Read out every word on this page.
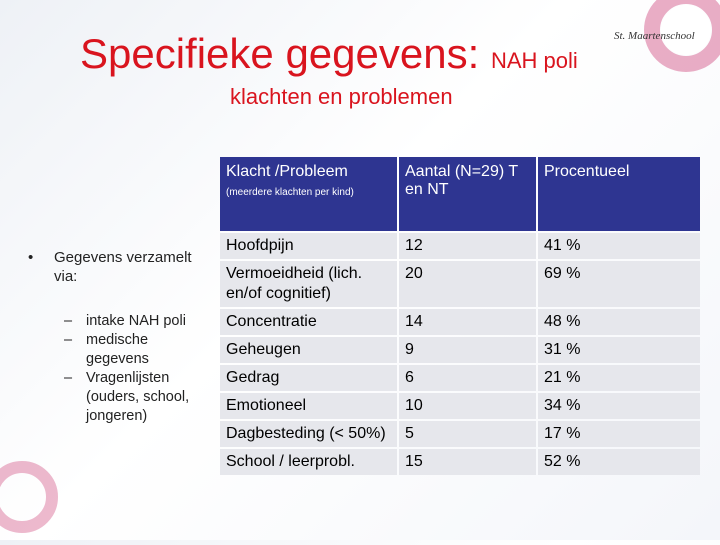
Specifieke gegevens: NAH poli
klachten en problemen
St. Maartenschool
• Gegevens verzamelt via:
– intake NAH poli
– medische gegevens
– Vragenlijsten (ouders, school, jongeren)
Klacht /Probleem
(meerdere klachten per kind)	Aantal (N=29) T en NT	Procentueel
Hoofdpijn	12	41 %
Vermoeidheid (lich. en/of cognitief)	20	69 %
Concentratie	14	48 %
Geheugen	9	31 %
Gedrag	6	21 %
Emotioneel	10	34 %
Dagbesteding (< 50%)	5	17 %
School / leerprobl.	15	52 %
